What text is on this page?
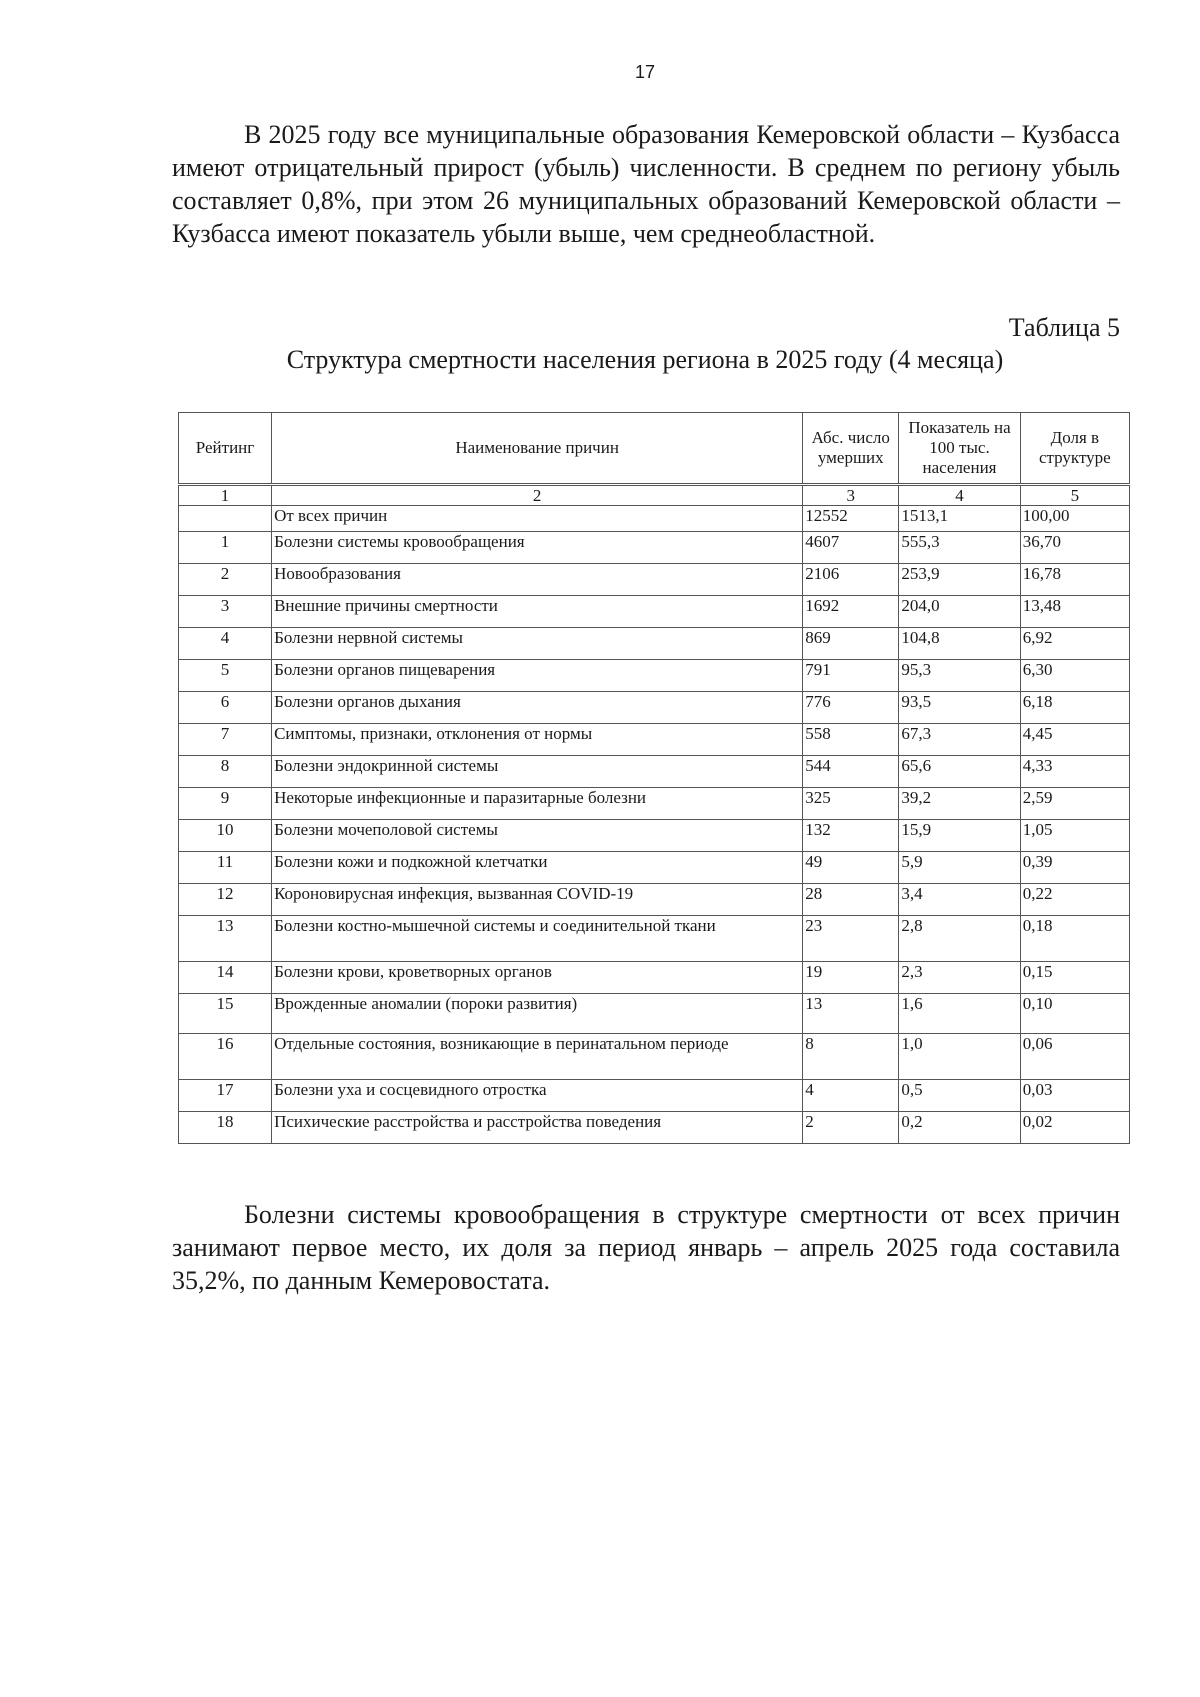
17

В 2025 году все муниципальные образования Кемеровской области – Кузбасса имеют отрицательный прирост (убыль) численности. В среднем по региону убыль составляет 0,8%, при этом 26 муниципальных образований Кемеровской области – Кузбасса имеют показатель убыли выше, чем среднеобластной.

Таблица 5
Структура смертности населения региона в 2025 году (4 месяца)
Рейтинг	Наименование причин	Абс. число умерших	Показатель на 100 тыс. населения	Доля в структуре
1	2	3	4	5
	От всех причин	12552	1513,1	100,00
1	Болезни системы кровообращения	4607	555,3	36,70
2	Новообразования	2106	253,9	16,78
3	Внешние причины смертности	1692	204,0	13,48
4	Болезни нервной системы	869	104,8	6,92
5	Болезни органов пищеварения	791	95,3	6,30
6	Болезни органов дыхания	776	93,5	6,18
7	Симптомы, признаки, отклонения от нормы	558	67,3	4,45
8	Болезни эндокринной системы	544	65,6	4,33
9	Некоторые инфекционные и паразитарные болезни	325	39,2	2,59
10	Болезни мочеполовой системы	132	15,9	1,05
11	Болезни кожи и подкожной клетчатки	49	5,9	0,39
12	Короновирусная инфекция, вызванная COVID-19	28	3,4	0,22
13	Болезни костно-мышечной системы и соединительной ткани	23	2,8	0,18
14	Болезни крови, кроветворных органов	19	2,3	0,15
15	Врожденные аномалии (пороки развития)	13	1,6	0,10
16	Отдельные состояния, возникающие в перинатальном периоде	8	1,0	0,06
17	Болезни уха и сосцевидного отростка	4	0,5	0,03
18	Психические расстройства и расстройства поведения	2	0,2	0,02

Болезни системы кровообращения в структуре смертности от всех причин занимают первое место, их доля за период январь – апрель 2025 года составила 35,2%, по данным Кемеровостата.
